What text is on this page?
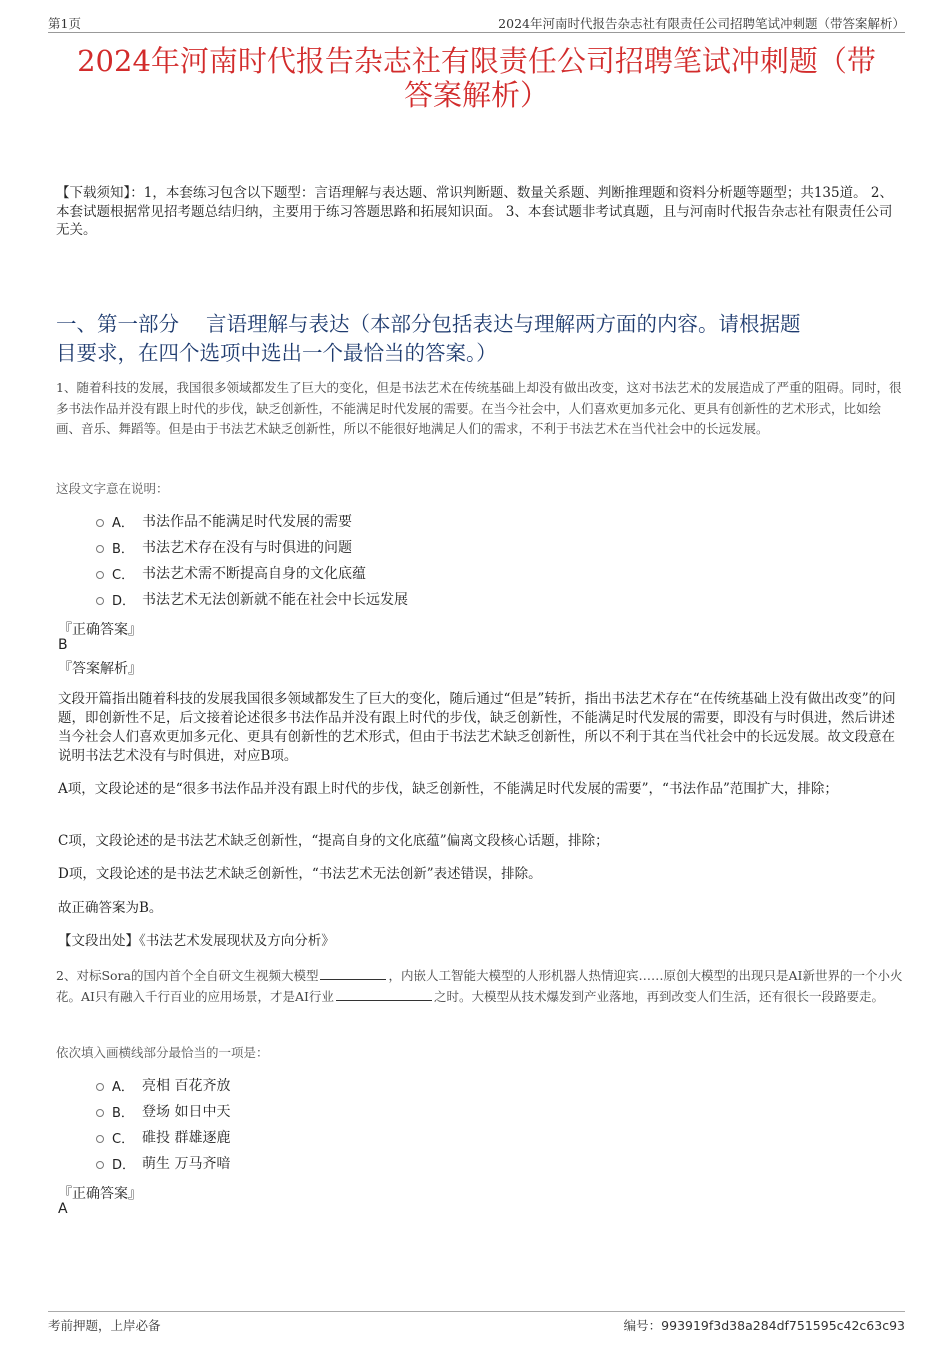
第1页	2024年河南时代报告杂志社有限责任公司招聘笔试冲刺题（带答案解析）
2024年河南时代报告杂志社有限责任公司招聘笔试冲刺题（带
答案解析）
【下载须知】：1，本套练习包含以下题型：言语理解与表达题、常识判断题、数量关系题、判断推理题和资料分析题等题型；共135道。 2、本套试题根据常见招考题总结归纳，主要用于练习答题思路和拓展知识面。 3、本套试题非考试真题，且与河南时代报告杂志社有限责任公司无关。
一、第一部分　 言语理解与表达（本部分包括表达与理解两方面的内容。请根据题
目要求，在四个选项中选出一个最恰当的答案。）
1、随着科技的发展，我国很多领域都发生了巨大的变化，但是书法艺术在传统基础上却没有做出改变，这对书法艺术的发展造成了严重的阻碍。同时，很多书法作品并没有跟上时代的步伐，缺乏创新性，不能满足时代发展的需要。在当今社会中，人们喜欢更加多元化、更具有创新性的艺术形式，比如绘画、音乐、舞蹈等。但是由于书法艺术缺乏创新性，所以不能很好地满足人们的需求，不利于书法艺术在当代社会中的长远发展。
这段文字意在说明：
A． 书法作品不能满足时代发展的需要
B． 书法艺术存在没有与时俱进的问题
C． 书法艺术需不断提高自身的文化底蕴
D． 书法艺术无法创新就不能在社会中长远发展
『正确答案』
B
『答案解析』
文段开篇指出随着科技的发展我国很多领域都发生了巨大的变化，随后通过“但是”转折，指出书法艺术存在“在传统基础上没有做出改变”的问题，即创新性不足，后文接着论述很多书法作品并没有跟上时代的步伐，缺乏创新性，不能满足时代发展的需要，即没有与时俱进，然后讲述当今社会人们喜欢更加多元化、更具有创新性的艺术形式，但由于书法艺术缺乏创新性，所以不利于其在当代社会中的长远发展。故文段意在说明书法艺术没有与时俱进，对应B项。
A项，文段论述的是“很多书法作品并没有跟上时代的步伐，缺乏创新性，不能满足时代发展的需要”，“书法作品”范围扩大，排除；
C项，文段论述的是书法艺术缺乏创新性，“提高自身的文化底蕴”偏离文段核心话题，排除；
D项，文段论述的是书法艺术缺乏创新性，“书法艺术无法创新”表述错误，排除。
故正确答案为B。
【文段出处】《书法艺术发展现状及方向分析》
2、对标Sora的国内首个全自研文生视频大模型	，内嵌人工智能大模型的人形机器人热情迎宾……原创大模型的出现只是AI新世界的一个小火花。AI只有融入千行百业的应用场景，才是AI行业	之时。大模型从技术爆发到产业落地，再到改变人们生活，还有很长一段路要走。
依次填入画横线部分最恰当的一项是：
A． 亮相 百花齐放
B． 登场 如日中天
C． 碓投 群雄逐鹿
D． 萌生 万马齐喑
『正确答案』
A
考前押题，上岸必备	编号：993919f3d38a284df751595c42c63c93
